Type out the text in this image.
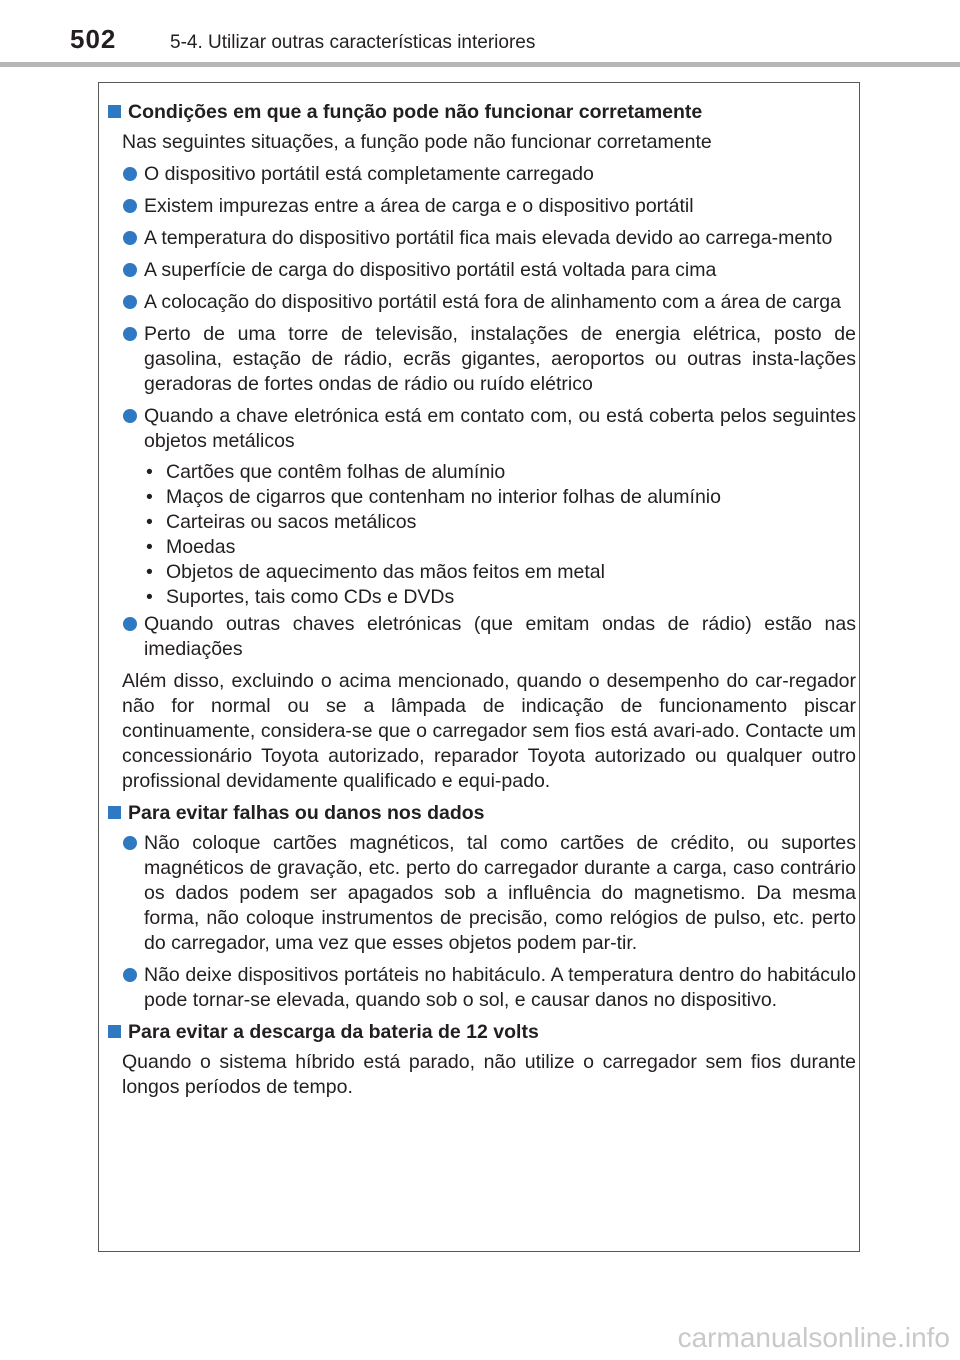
502	5-4. Utilizar outras características interiores
Condições em que a função pode não funcionar corretamente
Nas seguintes situações, a função pode não funcionar corretamente
O dispositivo portátil está completamente carregado
Existem impurezas entre a área de carga e o dispositivo portátil
A temperatura do dispositivo portátil fica mais elevada devido ao carrega-mento
A superfície de carga do dispositivo portátil está voltada para cima
A colocação do dispositivo portátil está fora de alinhamento com a área de carga
Perto de uma torre de televisão, instalações de energia elétrica, posto de gasolina, estação de rádio, ecrãs gigantes, aeroportos ou outras insta-lações geradoras de fortes ondas de rádio ou ruído elétrico
Quando a chave eletrónica está em contato com, ou está coberta pelos seguintes objetos metálicos
• Cartões que contêm folhas de alumínio
• Maços de cigarros que contenham no interior folhas de alumínio
• Carteiras ou sacos metálicos
• Moedas
• Objetos de aquecimento das mãos feitos em metal
• Suportes, tais como CDs e DVDs
Quando outras chaves eletrónicas (que emitam ondas de rádio) estão nas imediações
Além disso, excluindo o acima mencionado, quando o desempenho do car-regador não for normal ou se a lâmpada de indicação de funcionamento piscar continuamente, considera-se que o carregador sem fios está avari-ado. Contacte um concessionário Toyota autorizado, reparador Toyota autorizado ou qualquer outro profissional devidamente qualificado e equi-pado.
Para evitar falhas ou danos nos dados
Não coloque cartões magnéticos, tal como cartões de crédito, ou suportes magnéticos de gravação, etc. perto do carregador durante a carga, caso contrário os dados podem ser apagados sob a influência do magnetismo. Da mesma forma, não coloque instrumentos de precisão, como relógios de pulso, etc. perto do carregador, uma vez que esses objetos podem par-tir.
Não deixe dispositivos portáteis no habitáculo. A temperatura dentro do habitáculo pode tornar-se elevada, quando sob o sol, e causar danos no dispositivo.
Para evitar a descarga da bateria de 12 volts
Quando o sistema híbrido está parado, não utilize o carregador sem fios durante longos períodos de tempo.
carmanualsonline.info
